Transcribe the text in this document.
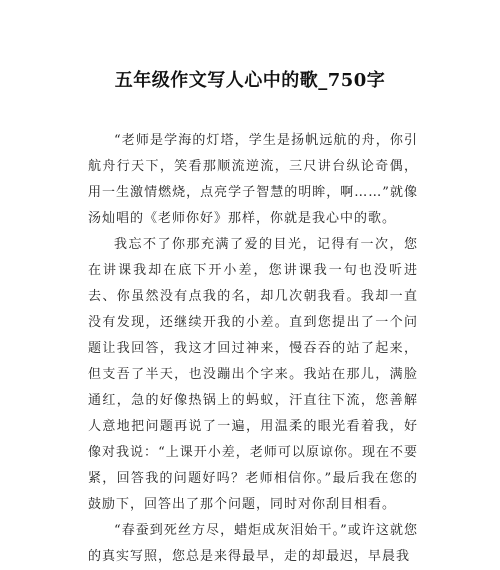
五年级作文写人心中的歌_750字

“老师是学海的灯塔，学生是扬帆远航的舟，你引航舟行天下，笑看那顺流逆流，三尺讲台纵论奇偶，用一生激情燃烧，点亮学子智慧的明眸，啊……”就像汤灿唱的《老师你好》那样，你就是我心中的歌。

我忘不了你那充满了爱的目光，记得有一次，您在讲课我却在底下开小差，您讲课我一句也没听进去、你虽然没有点我的名，却几次朝我看。我却一直没有发现，还继续开我的小差。直到您提出了一个问题让我回答，我这才回过神来，慢吞吞的站了起来，但支吾了半天，也没蹦出个字来。我站在那儿，满脸通红，急的好像热锅上的蚂蚁，汗直往下流，您善解人意地把问题再说了一遍，用温柔的眼光看着我，好像对我说：“上课开小差，老师可以原谅你。现在不要紧，回答我的问题好吗？老师相信你。”最后我在您的鼓励下，回答出了那个问题，同时对你刮目相看。

“春蚕到死丝方尽，蜡炬成灰泪始干。”或许这就您的真实写照，您总是来得最早，走的却最迟，早晨我
